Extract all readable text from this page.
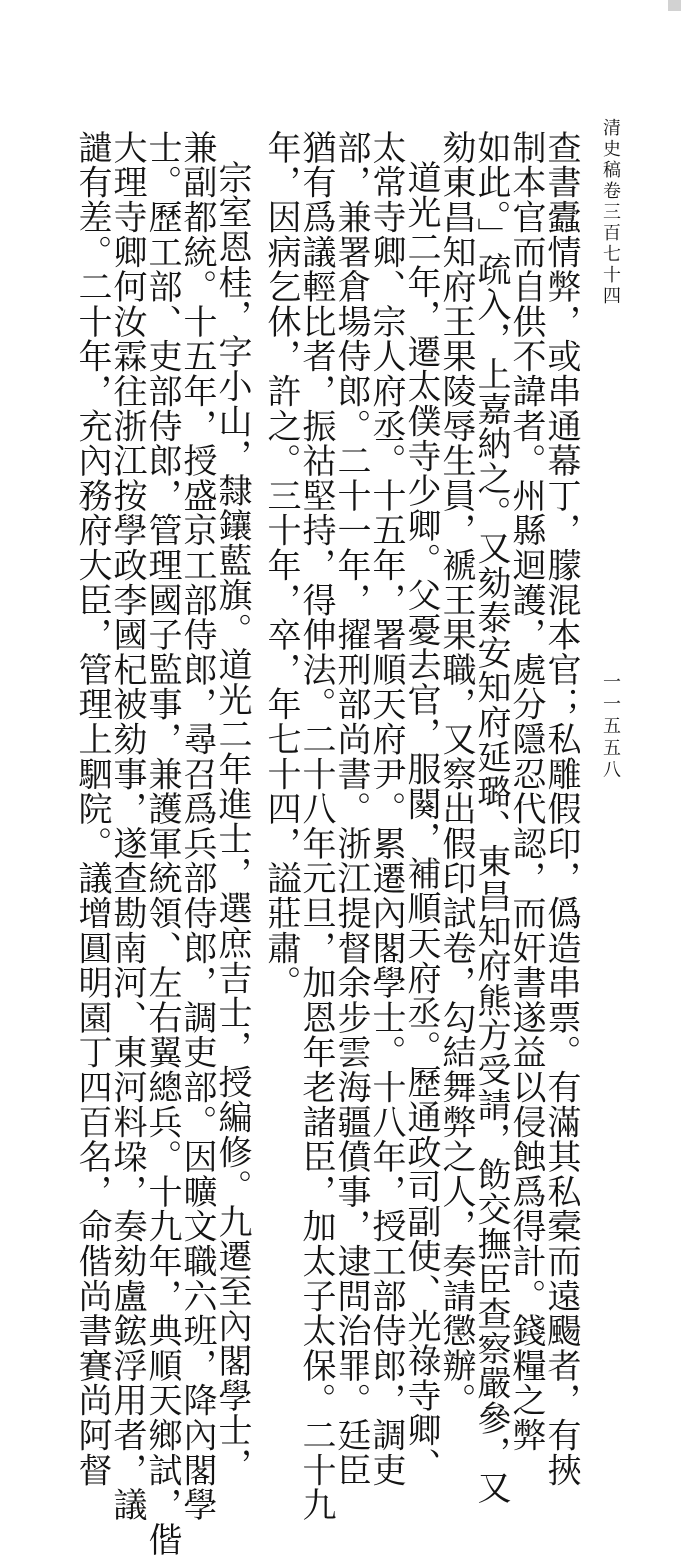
清史稿卷三百七十四
一一五五八
查書蠹情弊，或串通幕丁，朦混本官；私雕假印，僞造串票。有滿其私槖而遠颺者，有挾
制本官而自供不諱者。州縣迴護，處分隱忍代認，而奸書遂益以侵蝕爲得計。錢糧之弊
如此。」疏入，上嘉納之。又劾泰安知府延璐、東昌知府熊方受請，飭交撫臣查察嚴參，又
劾東昌知府王果陵辱生員，褫王果職，又察出假印試卷，勾結舞弊之人，奏請懲辦。
道光二年，遷太僕寺少卿。父憂去官，服闋，補順天府丞。歷通政司副使、光祿寺卿、
太常寺卿、宗人府丞。十五年，署順天府尹。累遷內閣學士。十八年，授工部侍郎，調吏
部，兼署倉場侍郎。二十一年，擢刑部尚書。浙江提督余步雲海疆僨事，逮問治罪。廷臣
猶有爲議輕比者，振祜堅持，得伸法。二十八年元旦，加恩年老諸臣，加太子太保。二十九
年，因病乞休，許之。三十年，卒，年七十四，謚莊肅。
宗室恩桂，字小山，隸鑲藍旗。道光二年進士，選庶吉士，授編修。九遷至內閣學士，
兼副都統。十五年，授盛京工部侍郎，尋召爲兵部侍郎，調吏部。因曠文職六班，降內閣學
士。歷工部、吏部侍郎，管理國子監事，兼護軍統領、左右翼總兵。十九年，典順天鄉試，偕
大理寺卿何汝霖往浙江按學政李國杞被劾事，遂查勘南河、東河料垜，奏劾盧鋐浮用者，議
譴有差。二十年，充內務府大臣，管理上駟院。議增圓明園丁四百名，命偕尚書賽尚阿督
